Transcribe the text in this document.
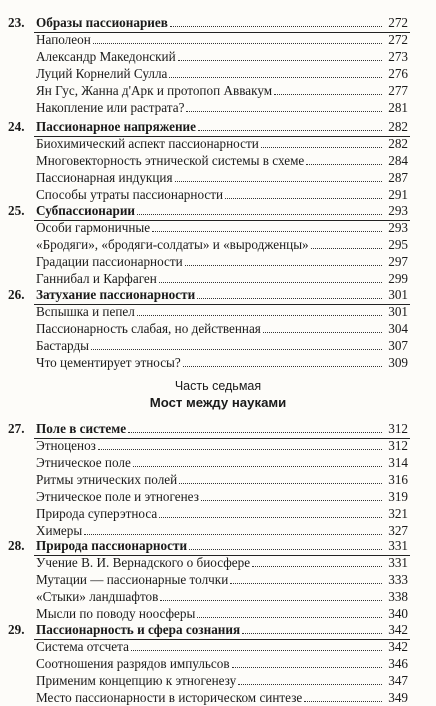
23. Образы пассионариев	272
Наполеон	272
Александр Македонский	273
Луций Корнелий Сулла	276
Ян Гус, Жанна д'Арк и протопоп Аввакум	277
Накопление или растрата?	281
24. Пассионарное напряжение	282
Биохимический аспект пассионарности	282
Многовекторность этнической системы в схеме	284
Пассионарная индукция	287
Способы утраты пассионарности	291
25. Субпассионарии	293
Особи гармоничные	293
«Бродяги», «бродяги-солдаты» и «выродженцы»	295
Градации пассионарности	297
Ганнибал и Карфаген	299
26. Затухание пассионарности	301
Вспышка и пепел	301
Пассионарность слабая, но действенная	304
Бастарды	307
Что цементирует этносы?	309
Часть седьмая
Мост между науками
27. Поле в системе	312
Этноценоз	312
Этническое поле	314
Ритмы этнических полей	316
Этническое поле и этногенез	319
Природа суперэтноса	321
Химеры	327
28. Природа пассионарности	331
Учение В. И. Вернадского о биосфере	331
Мутации — пассионарные толчки	333
«Стыки» ландшафтов	338
Мысли по поводу ноосферы	340
29. Пассионарность и сфера сознания	342
Система отсчета	342
Соотношения разрядов импульсов	346
Применим концепцию к этногенезу	347
Место пассионарности в историческом синтезе	349
